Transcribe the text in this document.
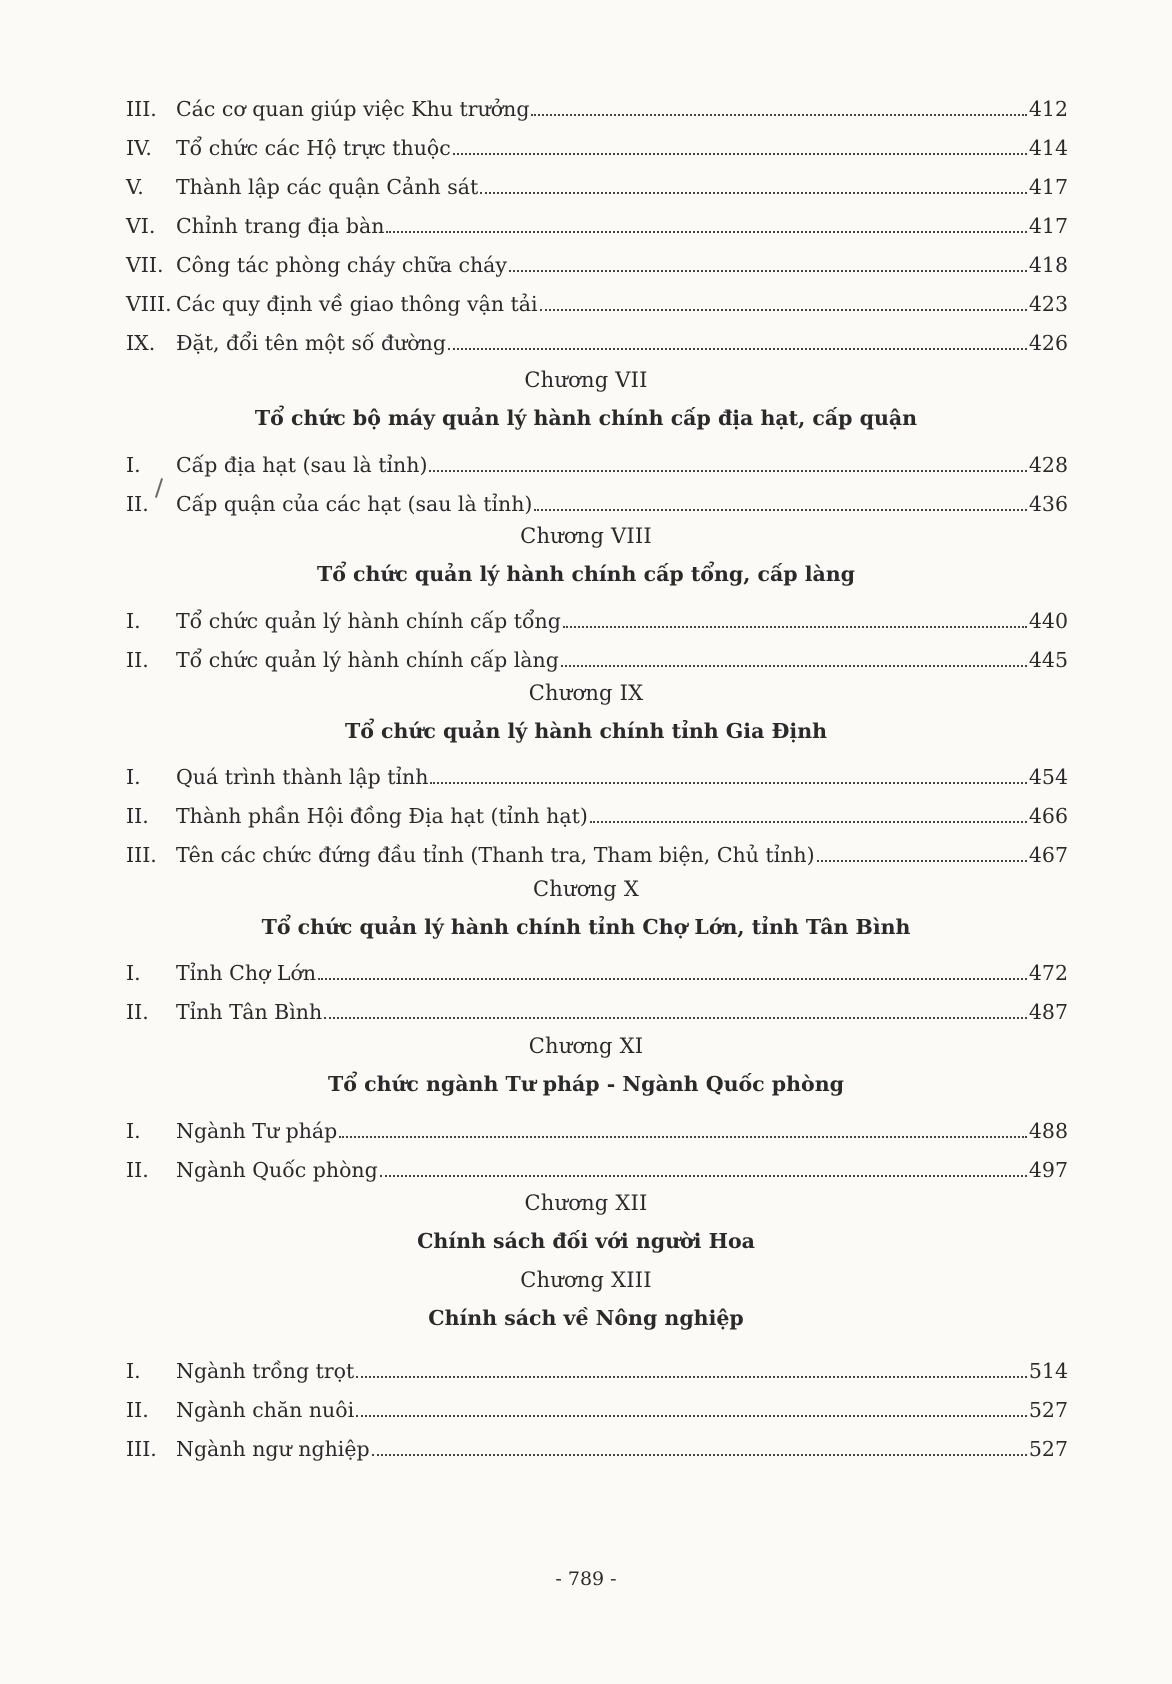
III. Các cơ quan giúp việc Khu trưởng	412
IV.	Tổ chức các Hộ trực thuộc	414
V.	Thành lập các quận Cảnh sát	417
VI.	Chỉnh trang địa bàn	417
VII. Công tác phòng cháy chữa cháy	418
VIII. Các quy định về giao thông vận tải	423
IX.	Đặt, đổi tên một số đường	426
Chương VII
Tổ chức bộ máy quản lý hành chính cấp địa hạt, cấp quận
I.	Cấp địa hạt (sau là tỉnh)	428
II.	Cấp quận của các hạt (sau là tỉnh)	436
Chương VIII
Tổ chức quản lý hành chính cấp tổng, cấp làng
I.	Tổ chức quản lý hành chính cấp tổng	440
II.	Tổ chức quản lý hành chính cấp làng	445
Chương IX
Tổ chức quản lý hành chính tỉnh Gia Định
I.	Quá trình thành lập tỉnh	454
II.	Thành phần Hội đồng Địa hạt (tỉnh hạt)	466
III. Tên các chức đứng đầu tỉnh (Thanh tra, Tham biện, Chủ tỉnh)	467
Chương X
Tổ chức quản lý hành chính tỉnh Chợ Lớn, tỉnh Tân Bình
I.	Tỉnh Chợ Lớn	472
II.	Tỉnh Tân Bình	487
Chương XI
Tổ chức ngành Tư pháp - Ngành Quốc phòng
I.	Ngành Tư pháp	488
II.	Ngành Quốc phòng	497
Chương XII
Chính sách đối với người Hoa
Chương XIII
Chính sách về Nông nghiệp
I.	Ngành trồng trọt	514
II.	Ngành chăn nuôi	527
III. Ngành ngư nghiệp	527
- 789 -
